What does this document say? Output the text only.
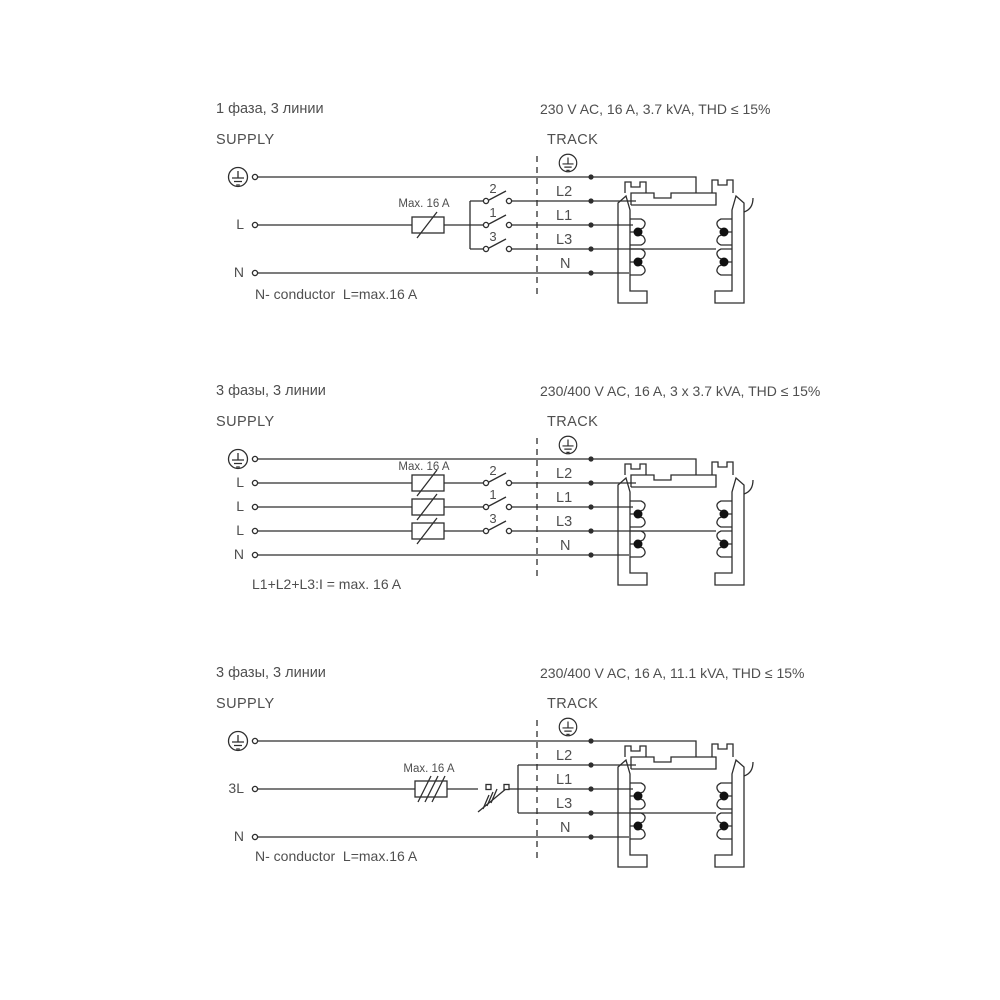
1 фаза, 3 линии	230 V AC, 16 A, 3.7 kVA, THD ≤ 15%
SUPPLY	TRACK
Max. 16 A
2
1
3
L
N
L2
L1
L3
N
N- conductor  L=max.16 A
3 фазы, 3 линии	230/400 V AC, 16 A, 3 x 3.7 kVA, THD ≤ 15%
SUPPLY	TRACK
Max. 16 A	2
1
3
L
L
L
N
L2
L1
L3
N
L1+L2+L3:I = max. 16 A
3 фазы, 3 линии	230/400 V AC, 16 A, 11.1 kVA, THD ≤ 15%
SUPPLY	TRACK
Max. 16 A
3L
N
L2
L1
L3
N
N- conductor  L=max.16 A
